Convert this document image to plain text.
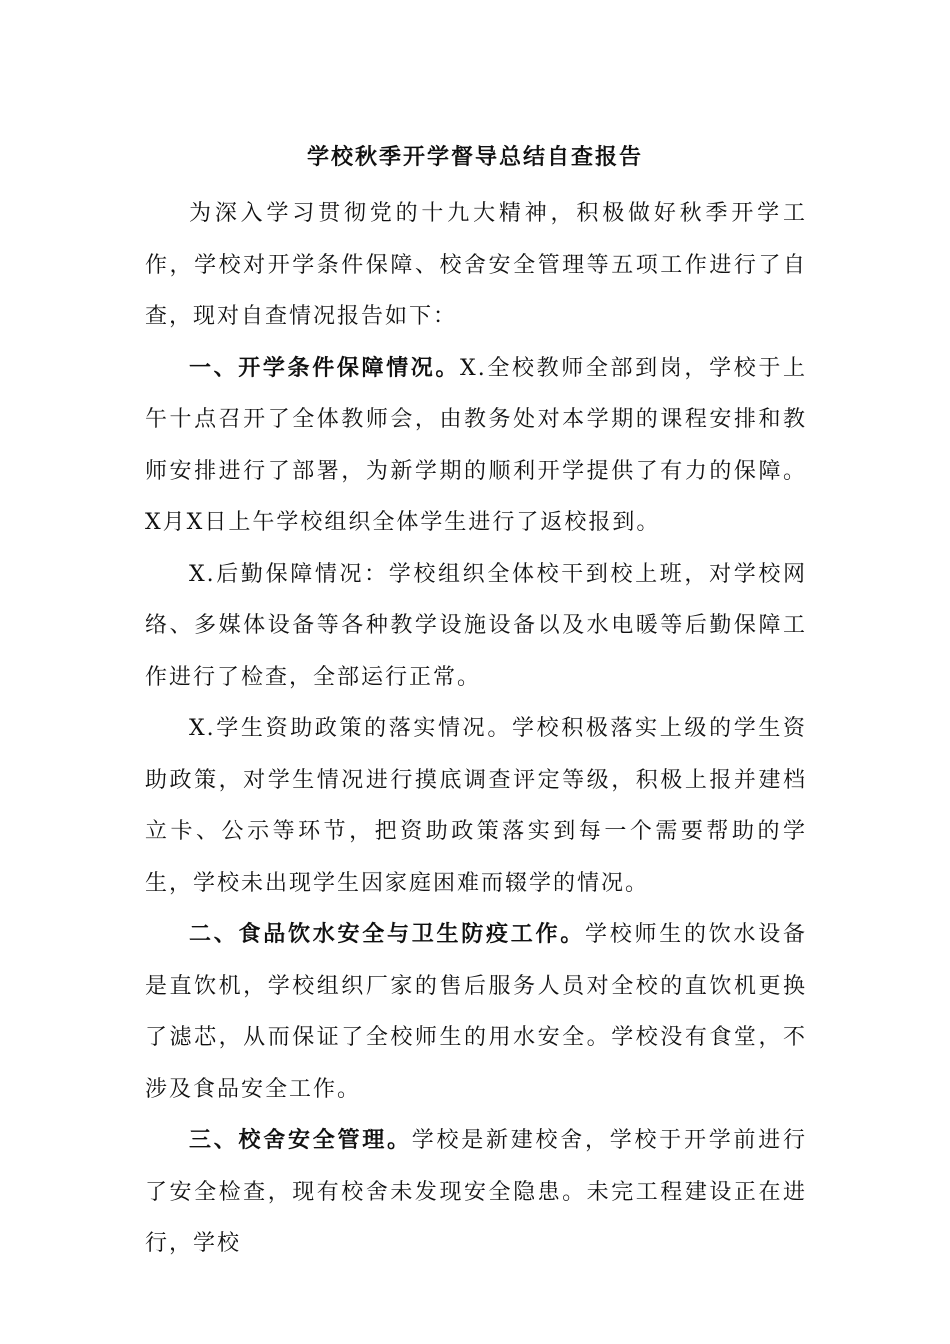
学校秋季开学督导总结自查报告

为深入学习贯彻党的十九大精神，积极做好秋季开学工作，学校对开学条件保障、校舍安全管理等五项工作进行了自查，现对自查情况报告如下：

一、开学条件保障情况。X.全校教师全部到岗，学校于上午十点召开了全体教师会，由教务处对本学期的课程安排和教师安排进行了部署，为新学期的顺利开学提供了有力的保障。X月X日上午学校组织全体学生进行了返校报到。

X.后勤保障情况：学校组织全体校干到校上班，对学校网络、多媒体设备等各种教学设施设备以及水电暖等后勤保障工作进行了检查，全部运行正常。

X.学生资助政策的落实情况。学校积极落实上级的学生资助政策，对学生情况进行摸底调查评定等级，积极上报并建档立卡、公示等环节，把资助政策落实到每一个需要帮助的学生，学校未出现学生因家庭困难而辍学的情况。

二、食品饮水安全与卫生防疫工作。学校师生的饮水设备是直饮机，学校组织厂家的售后服务人员对全校的直饮机更换了滤芯，从而保证了全校师生的用水安全。学校没有食堂，不涉及食品安全工作。

三、校舍安全管理。学校是新建校舍，学校于开学前进行了安全检查，现有校舍未发现安全隐患。未完工程建设正在进行，学校
